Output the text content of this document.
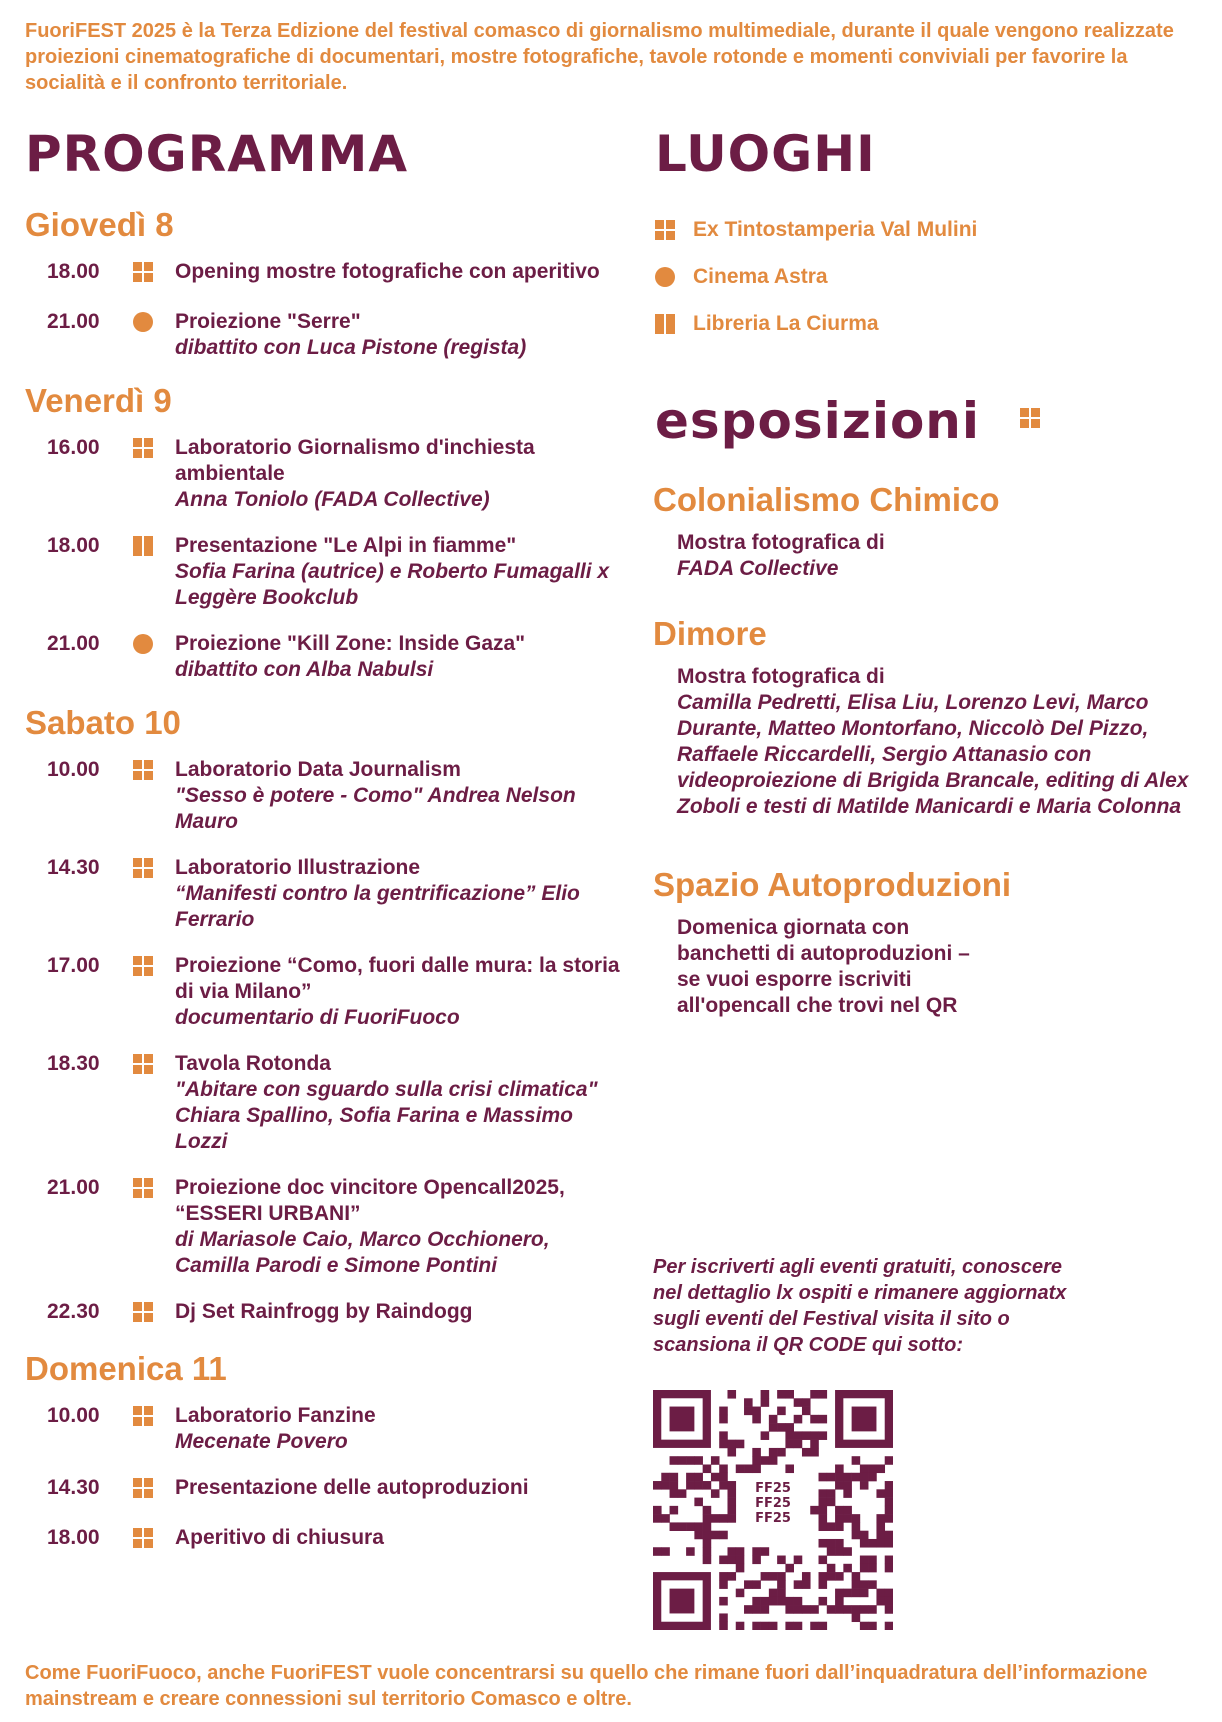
FuoriFEST 2025 è la Terza Edizione del festival comasco di giornalismo multimediale, durante il quale vengono realizzate proiezioni cinematografiche di documentari, mostre fotografiche, tavole rotonde e momenti conviviali per favorire la socialità e il confronto territoriale.

PROGRAMMA	LUOGHI
esposizioni
Giovedì 8
18.00	Opening mostre fotografiche con aperitivo
21.00	Proiezione "Serre"
dibattito con Luca Pistone (regista)
Venerdì 9
16.00	Laboratorio Giornalismo d'inchiesta ambientale
Anna Toniolo (FADA Collective)
18.00	Presentazione "Le Alpi in fiamme"
Sofia Farina (autrice) e Roberto Fumagalli x Leggère Bookclub
21.00	Proiezione "Kill Zone: Inside Gaza"
dibattito con Alba Nabulsi
Sabato 10
10.00	Laboratorio Data Journalism
"Sesso è potere - Como" Andrea Nelson Mauro
14.30	Laboratorio Illustrazione
“Manifesti contro la gentrificazione” Elio Ferrario
17.00	Proiezione “Como, fuori dalle mura: la storia di via Milano”
documentario di FuoriFuoco
18.30	Tavola Rotonda
"Abitare con sguardo sulla crisi climatica" Chiara Spallino, Sofia Farina e Massimo Lozzi
21.00	Proiezione doc vincitore Opencall2025, “ESSERI URBANI”
di Mariasole Caio, Marco Occhionero, Camilla Parodi e Simone Pontini
22.30	Dj Set Rainfrogg by Raindogg
Domenica 11
10.00	Laboratorio Fanzine
Mecenate Povero
14.30	Presentazione delle autoproduzioni
18.00	Aperitivo di chiusura
Ex Tintostamperia Val Mulini
Cinema Astra
Libreria La Ciurma
Colonialismo Chimico

Mostra fotografica di

FADA Collective

Dimore

Mostra fotografica di

Camilla Pedretti, Elisa Liu, Lorenzo Levi, Marco Durante, Matteo Montorfano, Niccolò Del Pizzo, Raffaele Riccardelli, Sergio Attanasio con videoproiezione di Brigida Brancale, editing di Alex Zoboli e testi di Matilde Manicardi e Maria Colonna

Spazio Autoproduzioni

Domenica giornata con banchetti di autoproduzioni – se vuoi esporre iscriviti all'opencall che trovi nel QR

Per iscriverti agli eventi gratuiti, conoscere nel dettaglio lx ospiti e rimanere aggiornatx sugli eventi del Festival visita il sito o scansiona il QR CODE qui sotto:

FF25
FF25
FF25

Come FuoriFuoco, anche FuoriFEST vuole concentrarsi su quello che rimane fuori dall’inquadratura dell’informazione mainstream e creare connessioni sul territorio Comasco e oltre.
